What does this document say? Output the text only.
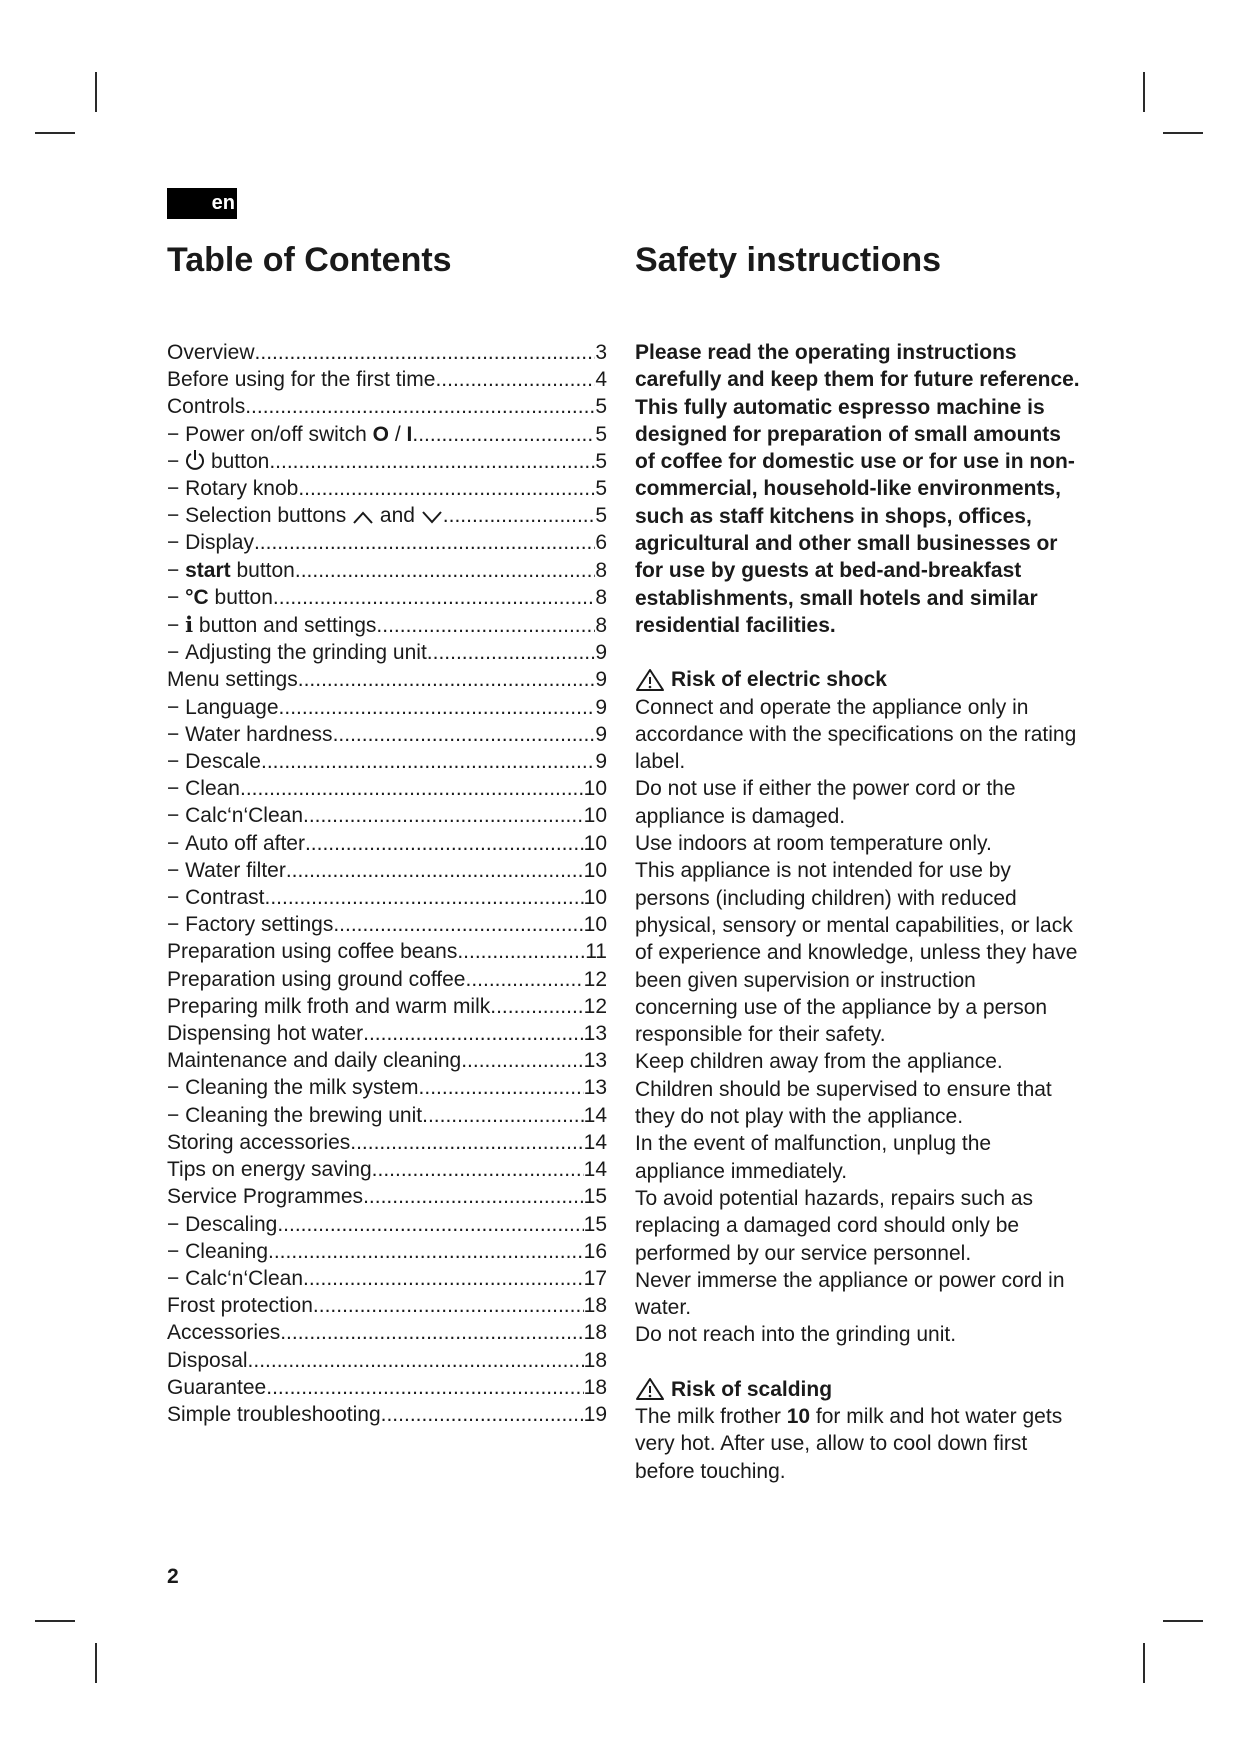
en
Table of Contents
Overview .....	3
Before using for the first time .....	4
Controls .....	5
− Power on/off switch O / I .....	5
−  button .....	5
− Rotary knob .....	5
− Selection buttons  and .....	5
− Display .....	6
− start button .....	8
− °C button .....	8
− i button and settings .....	8
− Adjusting the grinding unit .....	9
Menu settings .....	9
− Language .....	9
− Water hardness .....	9
− Descale .....	9
− Clean .....	10
− Calc‘n‘Clean .....	10
− Auto off after .....	10
− Water filter .....	10
− Contrast .....	10
− Factory settings .....	10
Preparation using coffee beans .....	11
Preparation using ground coffee .....	12
Preparing milk froth and warm milk .....	12
Dispensing hot water .....	13
Maintenance and daily cleaning .....	13
− Cleaning the milk system .....	13
− Cleaning the brewing unit .....	14
Storing accessories .....	14
Tips on energy saving .....	14
Service Programmes .....	15
− Descaling .....	15
− Cleaning .....	16
− Calc‘n‘Clean .....	17
Frost protection .....	18
Accessories .....	18
Disposal .....	18
Guarantee .....	18
Simple troubleshooting .....	19
Safety instructions

Please read the operating instructions carefully and keep them for future reference. This fully automatic espresso machine is designed for preparation of small amounts of coffee for domestic use or for use in non-commercial, household-like environments, such as staff kitchens in shops, offices, agricultural and other small businesses or for use by guests at bed-and-breakfast establishments, small hotels and similar residential facilities.

Risk of electric shock

Connect and operate the appliance only in accordance with the specifications on the rating label.

Do not use if either the power cord or the appliance is damaged.

Use indoors at room temperature only.

This appliance is not intended for use by persons (including children) with reduced physical, sensory or mental capabilities, or lack of experience and knowledge, unless they have been given supervision or instruction concerning use of the appliance by a person responsible for their safety.

Keep children away from the appliance.

Children should be supervised to ensure that they do not play with the appliance.

In the event of malfunction, unplug the appliance immediately.

To avoid potential hazards, repairs such as replacing a damaged cord should only be performed by our service personnel.

Never immerse the appliance or power cord in water.

Do not reach into the grinding unit.

Risk of scalding

The milk frother 10 for milk and hot water gets very hot. After use, allow to cool down first before touching.

2
